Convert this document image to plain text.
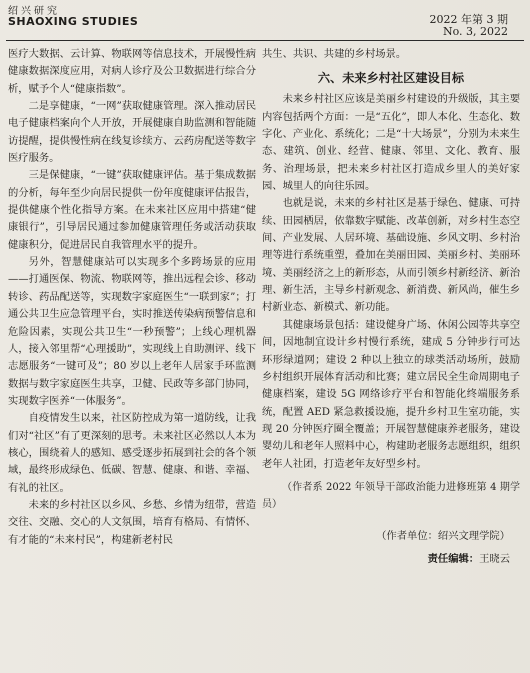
绍兴研究
SHAOXING STUDIES	2022 年第 3 期
No. 3, 2022

医疗大数据、云计算、物联网等信息技术，开展慢性病健康数据深度应用，对病人诊疗及公卫数据进行综合分析，赋予个人“健康指数”。

二是享健康，“一网”获取健康管理。深入推动居民电子健康档案向个人开放，开展健康自助监测和智能随访提醒，提供慢性病在线复诊续方、云药房配送等数字医疗服务。

三是保健康，“一键”获取健康评估。基于集成数据的分析，每年至少向居民提供一份年度健康评估报告，提供健康个性化指导方案。在未来社区应用中搭建“健康银行”，引导居民通过参加健康管理任务或活动获取健康积分，促进居民自我管理水平的提升。

另外，智慧健康站可以实现多个多跨场景的应用——打通医保、物流、物联网等，推出远程会诊、移动转诊、药品配送等，实现数字家庭医生“一联到家”；打通公共卫生应急管理平台，实时推送传染病预警信息和危险因素，实现公共卫生“一秒预警”；上线心理机器人，接入邻里帮“心理援助”，实现线上自助测评、线下志愿服务“一键可及”；80 岁以上老年人居家手环监测数据与数字家庭医生共享，卫健、民政等多部门协同，实现数字医养“一体服务”。

自疫情发生以来，社区防控成为第一道防线，让我们对“社区”有了更深刻的思考。未来社区必然以人本为核心，围绕着人的感知、感受逐步拓展到社会的各个领域，最终形成绿色、低碳、智慧、健康、和谐、幸福、有礼的社区。

未来的乡村社区以乡风、乡愁、乡情为纽带，营造交往、交融、交心的人文氛围，培育有格局、有情怀、有才能的“未来村民”，构建新老村民

共生、共识、共建的乡村场景。

六、未来乡村社区建设目标

未来乡村社区应该是美丽乡村建设的升级版，其主要内容包括两个方面：一是“五化”，即人本化、生态化、数字化、产业化、系统化；二是“十大场景”，分别为未来生态、建筑、创业、经营、健康、邻里、文化、教育、服务、治理场景，把未来乡村社区打造成乡里人的美好家园、城里人的向往乐园。

也就是说，未来的乡村社区是基于绿色、健康、可持续、田园栖居，依靠数字赋能、改革创新，对乡村生态空间、产业发展、人居环境、基础设施、乡风文明、乡村治理等进行系统重塑，叠加在美丽田园、美丽乡村、美丽环境、美丽经济之上的新形态，从而引领乡村新经济、新治理、新生活，主导乡村新观念、新消费、新风尚，催生乡村新业态、新模式、新功能。

其健康场景包括：建设健身广场、休闲公园等共享空间，因地制宜设计乡村慢行系统，建成 5 分钟步行可达环形绿道网；建设 2 种以上独立的球类活动场所，鼓励乡村组织开展体育活动和比赛；建立居民全生命周期电子健康档案，建设 5G 网络诊疗平台和智能化终端服务系统，配置 AED 紧急救援设施，提升乡村卫生室功能，实现 20 分钟医疗圈全覆盖；开展智慧健康养老服务，建设婴幼儿和老年人照料中心，构建助老服务志愿组织，组织老年人社团，打造老年友好型乡村。

（作者系 2022 年领导干部政治能力进修班第 4 期学员）

（作者单位：绍兴文理学院）

责任编辑：王晓云
